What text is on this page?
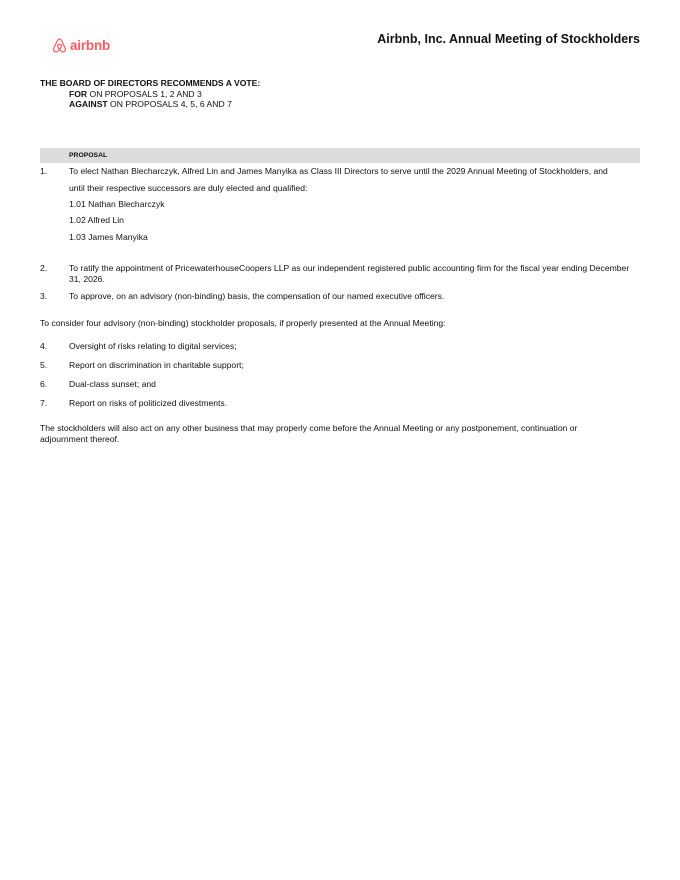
airbnb	Airbnb, Inc. Annual Meeting of Stockholders
THE BOARD OF DIRECTORS RECOMMENDS A VOTE:
FOR ON PROPOSALS 1, 2 AND 3
AGAINST ON PROPOSALS 4, 5, 6 AND 7
PROPOSAL
1.	To elect Nathan Blecharczyk, Alfred Lin and James Manyika as Class III Directors to serve until the 2029 Annual Meeting of Stockholders, and
until their respective successors are duly elected and qualified:
1.01 Nathan Blecharczyk
1.02 Alfred Lin
1.03 James Manyika
2.	To ratify the appointment of PricewaterhouseCoopers LLP as our independent registered public accounting firm for the fiscal year ending December 31, 2026.
3.	To approve, on an advisory (non-binding) basis, the compensation of our named executive officers.
To consider four advisory (non-binding) stockholder proposals, if properly presented at the Annual Meeting:
4.	Oversight of risks relating to digital services;
5.	Report on discrimination in charitable support;
6.	Dual-class sunset; and
7.	Report on risks of politicized divestments.
The stockholders will also act on any other business that may properly come before the Annual Meeting or any postponement, continuation or adjournment thereof.
